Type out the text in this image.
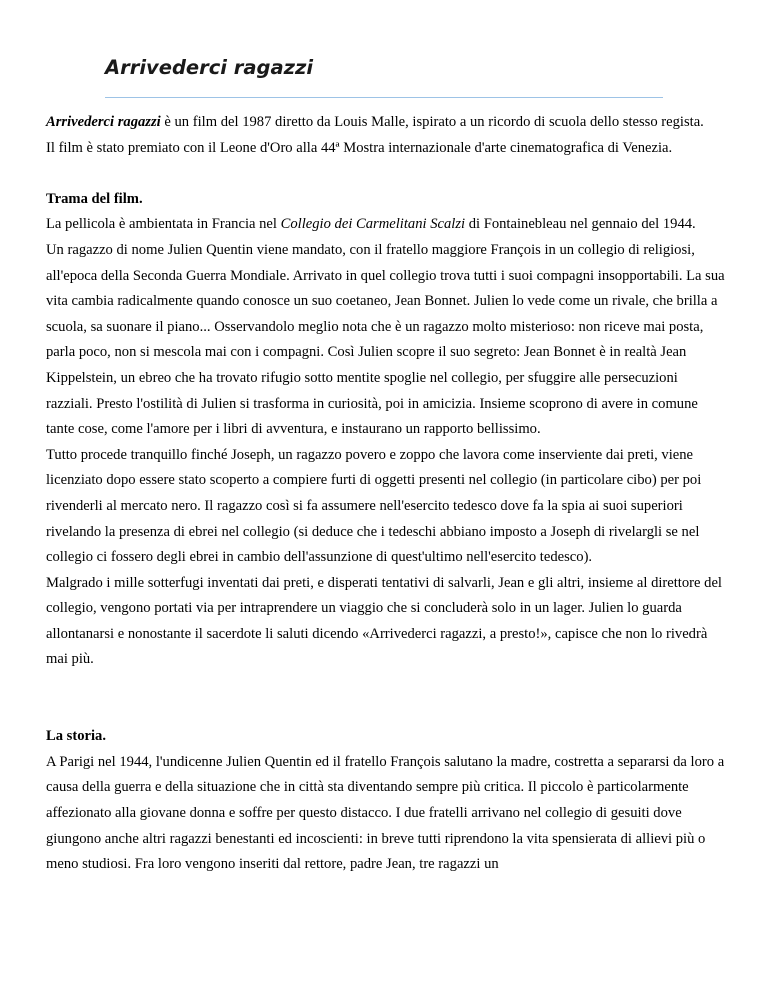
Arrivederci ragazzi

Arrivederci ragazzi è un film del 1987 diretto da Louis Malle, ispirato a un ricordo di scuola dello stesso regista.

Il film è stato premiato con il Leone d'Oro alla 44ª Mostra internazionale d'arte cinematografica di Venezia.

Trama del film.

La pellicola è ambientata in Francia nel Collegio dei Carmelitani Scalzi di Fontainebleau nel gennaio del 1944.

Un ragazzo di nome Julien Quentin viene mandato, con il fratello maggiore François in un collegio di religiosi, all'epoca della Seconda Guerra Mondiale. Arrivato in quel collegio trova tutti i suoi compagni insopportabili. La sua vita cambia radicalmente quando conosce un suo coetaneo, Jean Bonnet. Julien lo vede come un rivale, che brilla a scuola, sa suonare il piano... Osservandolo meglio nota che è un ragazzo molto misterioso: non riceve mai posta, parla poco, non si mescola mai con i compagni. Così Julien scopre il suo segreto: Jean Bonnet è in realtà Jean Kippelstein, un ebreo che ha trovato rifugio sotto mentite spoglie nel collegio, per sfuggire alle persecuzioni razziali. Presto l'ostilità di Julien si trasforma in curiosità, poi in amicizia. Insieme scoprono di avere in comune tante cose, come l'amore per i libri di avventura, e instaurano un rapporto bellissimo.

Tutto procede tranquillo finché Joseph, un ragazzo povero e zoppo che lavora come inserviente dai preti, viene licenziato dopo essere stato scoperto a compiere furti di oggetti presenti nel collegio (in particolare cibo) per poi rivenderli al mercato nero. Il ragazzo così si fa assumere nell'esercito tedesco dove fa la spia ai suoi superiori rivelando la presenza di ebrei nel collegio (si deduce che i tedeschi abbiano imposto a Joseph di rivelargli se nel collegio ci fossero degli ebrei in cambio dell'assunzione di quest'ultimo nell'esercito tedesco).

Malgrado i mille sotterfugi inventati dai preti, e disperati tentativi di salvarli, Jean e gli altri, insieme al direttore del collegio, vengono portati via per intraprendere un viaggio che si concluderà solo in un lager. Julien lo guarda allontanarsi e nonostante il sacerdote li saluti dicendo «Arrivederci ragazzi, a presto!», capisce che non lo rivedrà mai più.

La storia.

A Parigi nel 1944, l'undicenne Julien Quentin ed il fratello François salutano la madre, costretta a separarsi da loro a causa della guerra e della situazione che in città sta diventando sempre più critica. Il piccolo è particolarmente affezionato alla giovane donna e soffre per questo distacco. I due fratelli arrivano nel collegio di gesuiti dove giungono anche altri ragazzi benestanti ed incoscienti: in breve tutti riprendono la vita spensierata di allievi più o meno studiosi. Fra loro vengono inseriti dal rettore, padre Jean, tre ragazzi un
